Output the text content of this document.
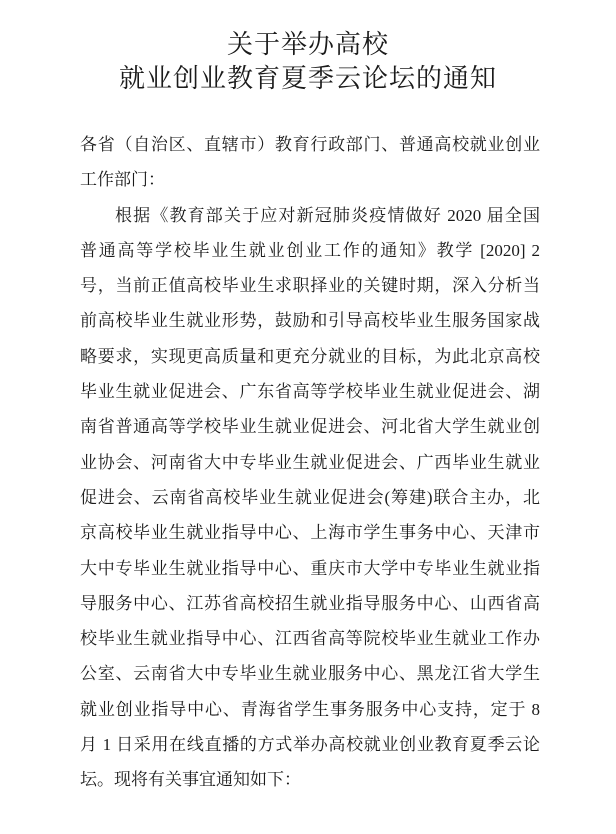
关于举办高校
就业创业教育夏季云论坛的通知
各省（自治区、直辖市）教育行政部门、普通高校就业创业
工作部门：
根据《教育部关于应对新冠肺炎疫情做好 2020 届全国
普通高等学校毕业生就业创业工作的通知》教学 [2020] 2
号，当前正值高校毕业生求职择业的关键时期，深入分析当
前高校毕业生就业形势，鼓励和引导高校毕业生服务国家战
略要求，实现更高质量和更充分就业的目标，为此北京高校
毕业生就业促进会、广东省高等学校毕业生就业促进会、湖
南省普通高等学校毕业生就业促进会、河北省大学生就业创
业协会、河南省大中专毕业生就业促进会、广西毕业生就业
促进会、云南省高校毕业生就业促进会(筹建)联合主办，北
京高校毕业生就业指导中心、上海市学生事务中心、天津市
大中专毕业生就业指导中心、重庆市大学中专毕业生就业指
导服务中心、江苏省高校招生就业指导服务中心、山西省高
校毕业生就业指导中心、江西省高等院校毕业生就业工作办
公室、云南省大中专毕业生就业服务中心、黑龙江省大学生
就业创业指导中心、青海省学生事务服务中心支持，定于 8
月 1 日采用在线直播的方式举办高校就业创业教育夏季云论
坛。现将有关事宜通知如下：
